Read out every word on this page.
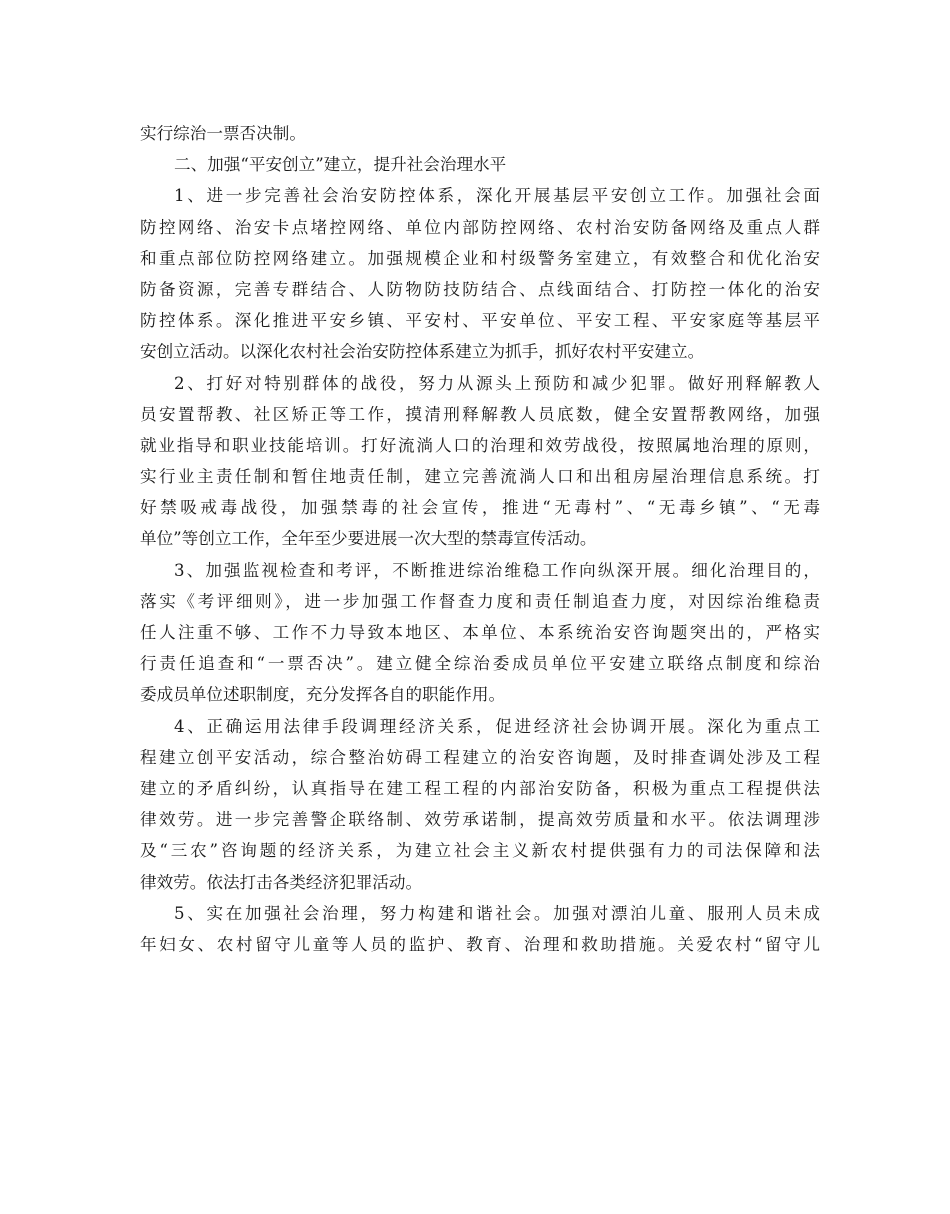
实行综治一票否决制。
二、加强“平安创立”建立，提升社会治理水平
1、进一步完善社会治安防控体系，深化开展基层平安创立工作。加强社会面
防控网络、治安卡点堵控网络、单位内部防控网络、农村治安防备网络及重点人群
和重点部位防控网络建立。加强规模企业和村级警务室建立，有效整合和优化治安
防备资源，完善专群结合、人防物防技防结合、点线面结合、打防控一体化的治安
防控体系。深化推进平安乡镇、平安村、平安单位、平安工程、平安家庭等基层平
安创立活动。以深化农村社会治安防控体系建立为抓手，抓好农村平安建立。
2、打好对特别群体的战役，努力从源头上预防和减少犯罪。做好刑释解教人
员安置帮教、社区矫正等工作，摸清刑释解教人员底数，健全安置帮教网络，加强
就业指导和职业技能培训。打好流淌人口的治理和效劳战役，按照属地治理的原则，
实行业主责任制和暂住地责任制，建立完善流淌人口和出租房屋治理信息系统。打
好禁吸戒毒战役，加强禁毒的社会宣传，推进“无毒村”、“无毒乡镇”、“无毒
单位”等创立工作，全年至少要进展一次大型的禁毒宣传活动。
3、加强监视检查和考评，不断推进综治维稳工作向纵深开展。细化治理目的，
落实《考评细则》，进一步加强工作督查力度和责任制追查力度，对因综治维稳责
任人注重不够、工作不力导致本地区、本单位、本系统治安咨询题突出的，严格实
行责任追查和“一票否决”。建立健全综治委成员单位平安建立联络点制度和综治
委成员单位述职制度，充分发挥各自的职能作用。
4、正确运用法律手段调理经济关系，促进经济社会协调开展。深化为重点工
程建立创平安活动，综合整治妨碍工程建立的治安咨询题，及时排查调处涉及工程
建立的矛盾纠纷，认真指导在建工程工程的内部治安防备，积极为重点工程提供法
律效劳。进一步完善警企联络制、效劳承诺制，提高效劳质量和水平。依法调理涉
及“三农”咨询题的经济关系，为建立社会主义新农村提供强有力的司法保障和法
律效劳。依法打击各类经济犯罪活动。
5、实在加强社会治理，努力构建和谐社会。加强对漂泊儿童、服刑人员未成
年妇女、农村留守儿童等人员的监护、教育、治理和救助措施。关爱农村“留守儿
